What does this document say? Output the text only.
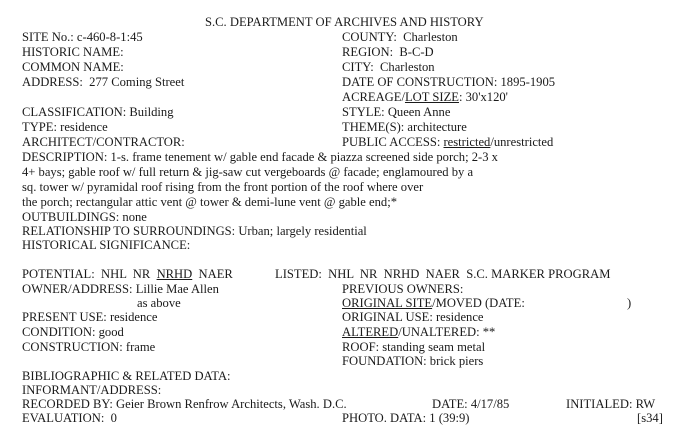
S.C. DEPARTMENT OF ARCHIVES AND HISTORY
SITE No.: c-460-8-1:45	COUNTY:  Charleston
HISTORIC NAME:	REGION:  B-C-D
COMMON NAME:	CITY:  Charleston
ADDRESS:  277 Coming Street	DATE OF CONSTRUCTION: 1895-1905
ACREAGE/LOT SIZE: 30'x120'
CLASSIFICATION: Building	STYLE: Queen Anne
TYPE: residence	THEME(S): architecture
ARCHITECT/CONTRACTOR:	PUBLIC ACCESS: restricted/unrestricted
DESCRIPTION: 1-s. frame tenement w/ gable end facade & piazza screened side porch; 2-3 x
4+ bays; gable roof w/ full return & jig-saw cut vergeboards @ facade; englamoured by a
sq. tower w/ pyramidal roof rising from the front portion of the roof where over
the porch; rectangular attic vent @ tower & demi-lune vent @ gable end;*
OUTBUILDINGS: none
RELATIONSHIP TO SURROUNDINGS: Urban; largely residential
HISTORICAL SIGNIFICANCE:
POTENTIAL:  NHL  NR  NRHD  NAER	LISTED:  NHL  NR  NRHD  NAER  S.C. MARKER PROGRAM
OWNER/ADDRESS: Lillie Mae Allen	PREVIOUS OWNERS:
as above	ORIGINAL SITE/MOVED (DATE:	)
PRESENT USE: residence	ORIGINAL USE: residence
CONDITION: good	ALTERED/UNALTERED: **
CONSTRUCTION: frame	ROOF: standing seam metal
FOUNDATION: brick piers
BIBLIOGRAPHIC & RELATED DATA:
INFORMANT/ADDRESS:
RECORDED BY: Geier Brown Renfrow Architects, Wash. D.C.	DATE: 4/17/85	INITIALED: RW
EVALUATION:  0	PHOTO. DATA: 1 (39:9)	[s34]
